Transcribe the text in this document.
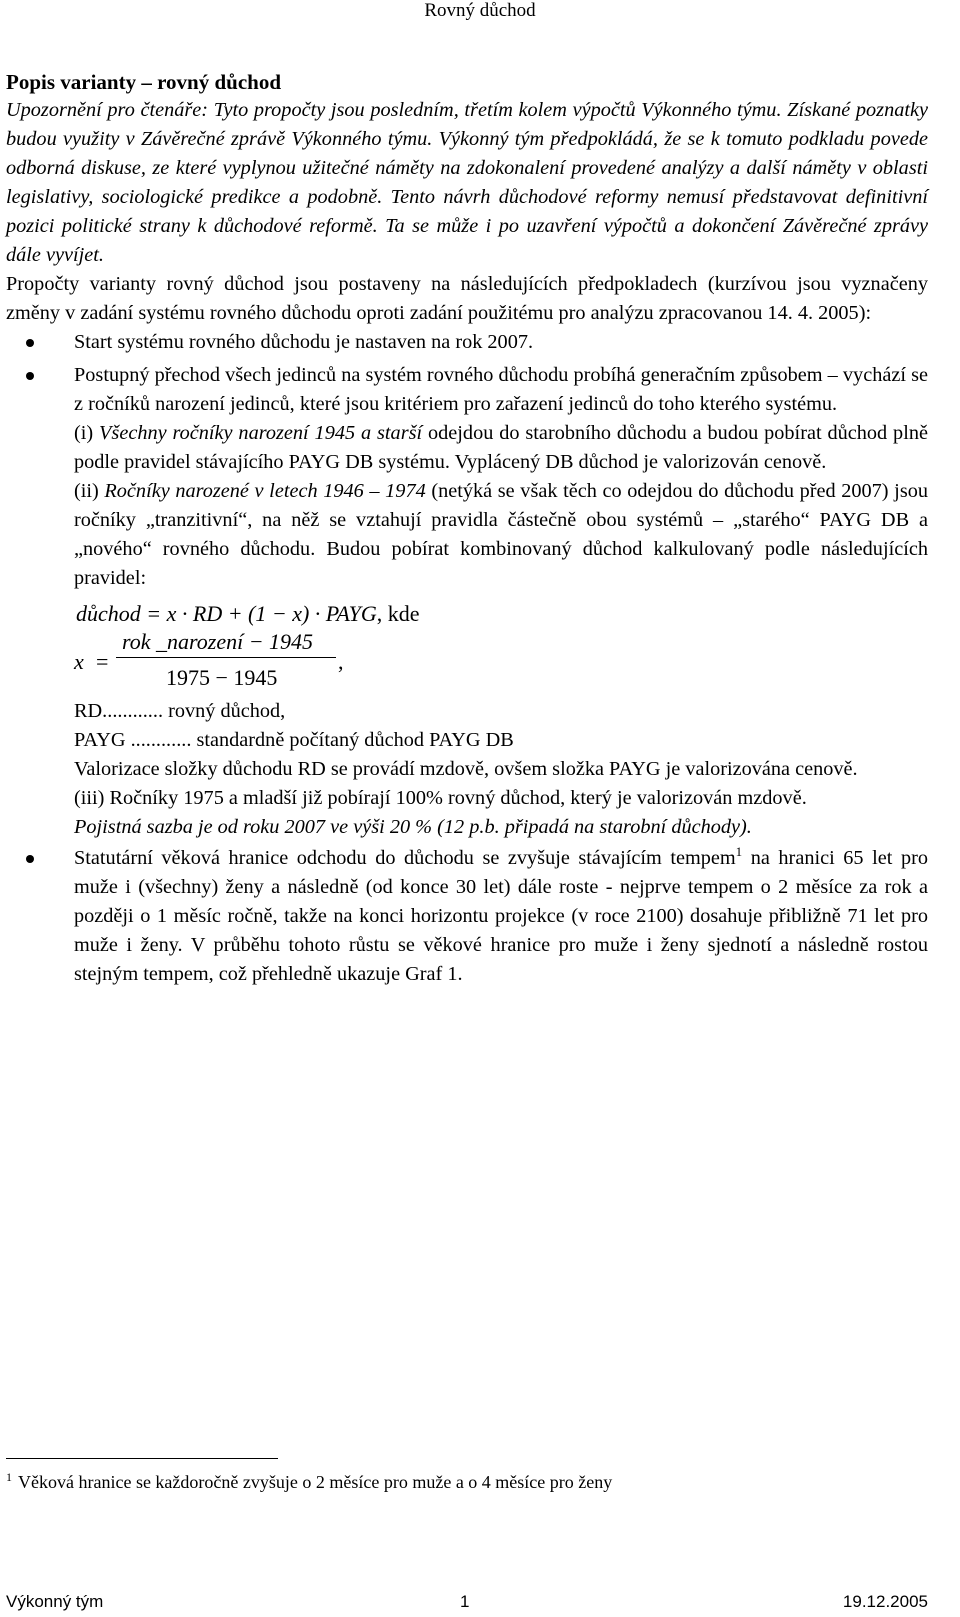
Rovný důchod
Popis varianty – rovný důchod

Upozornění pro čtenáře: Tyto propočty jsou posledním, třetím kolem výpočtů Výkonného týmu. Získané poznatky budou využity v Závěrečné zprávě Výkonného týmu. Výkonný tým předpokládá, že se k tomuto podkladu povede odborná diskuse, ze které vyplynou užitečné náměty na zdokonalení provedené analýzy a další náměty v oblasti legislativy, sociologické predikce a podobně. Tento návrh důchodové reformy nemusí představovat definitivní pozici politické strany k důchodové reformě. Ta se může i po uzavření výpočtů a dokončení Závěrečné zprávy dále vyvíjet.

Propočty varianty rovný důchod jsou postaveny na následujících předpokladech (kurzívou jsou vyznačeny změny v zadání systému rovného důchodu oproti zadání použitému pro analýzu zpracovanou 14. 4. 2005):

Start systému rovného důchodu je nastaven na rok 2007.

Postupný přechod všech jedinců na systém rovného důchodu probíhá generačním způsobem – vychází se z ročníků narození jedinců, které jsou kritériem pro zařazení jedinců do toho kterého systému.

(i) Všechny ročníky narození 1945 a starší odejdou do starobního důchodu a budou pobírat důchod plně podle pravidel stávajícího PAYG DB systému. Vyplácený DB důchod je valorizován cenově.

(ii) Ročníky narozené v letech 1946 – 1974 (netýká se však těch co odejdou do důchodu před 2007) jsou ročníky „tranzitivní“, na něž se vztahují pravidla částečně obou systémů – „starého“ PAYG DB a „nového“ rovného důchodu. Budou pobírat kombinovaný důchod kalkulovaný podle následujících pravidel:

důchod = x · RD + (1 − x) · PAYG, kde
x =
rok _narození − 1945
,
1975 − 1945

RD............ rovný důchod,

PAYG ............ standardně počítaný důchod PAYG DB

Valorizace složky důchodu RD se provádí mzdově, ovšem složka PAYG je valorizována cenově.

(iii) Ročníky 1975 a mladší již pobírají 100% rovný důchod, který je valorizován mzdově.

Pojistná sazba je od roku 2007 ve výši 20 % (12 p.b. připadá na starobní důchody).

Statutární věková hranice odchodu do důchodu se zvyšuje stávajícím tempem$^1$ na hranici 65 let pro muže i (všechny) ženy a následně (od konce 30 let) dále roste - nejprve tempem o 2 měsíce za rok a později o 1 měsíc ročně, takže na konci horizontu projekce (v roce 2100) dosahuje přibližně 71 let pro muže i ženy. V průběhu tohoto růstu se věkové hranice pro muže i ženy sjednotí a následně rostou stejným tempem, což přehledně ukazuje Graf 1.
$^1$ Věková hranice se každoročně zvyšuje o 2 měsíce pro muže a o 4 měsíce pro ženy
Výkonný tým	1	19.12.2005
